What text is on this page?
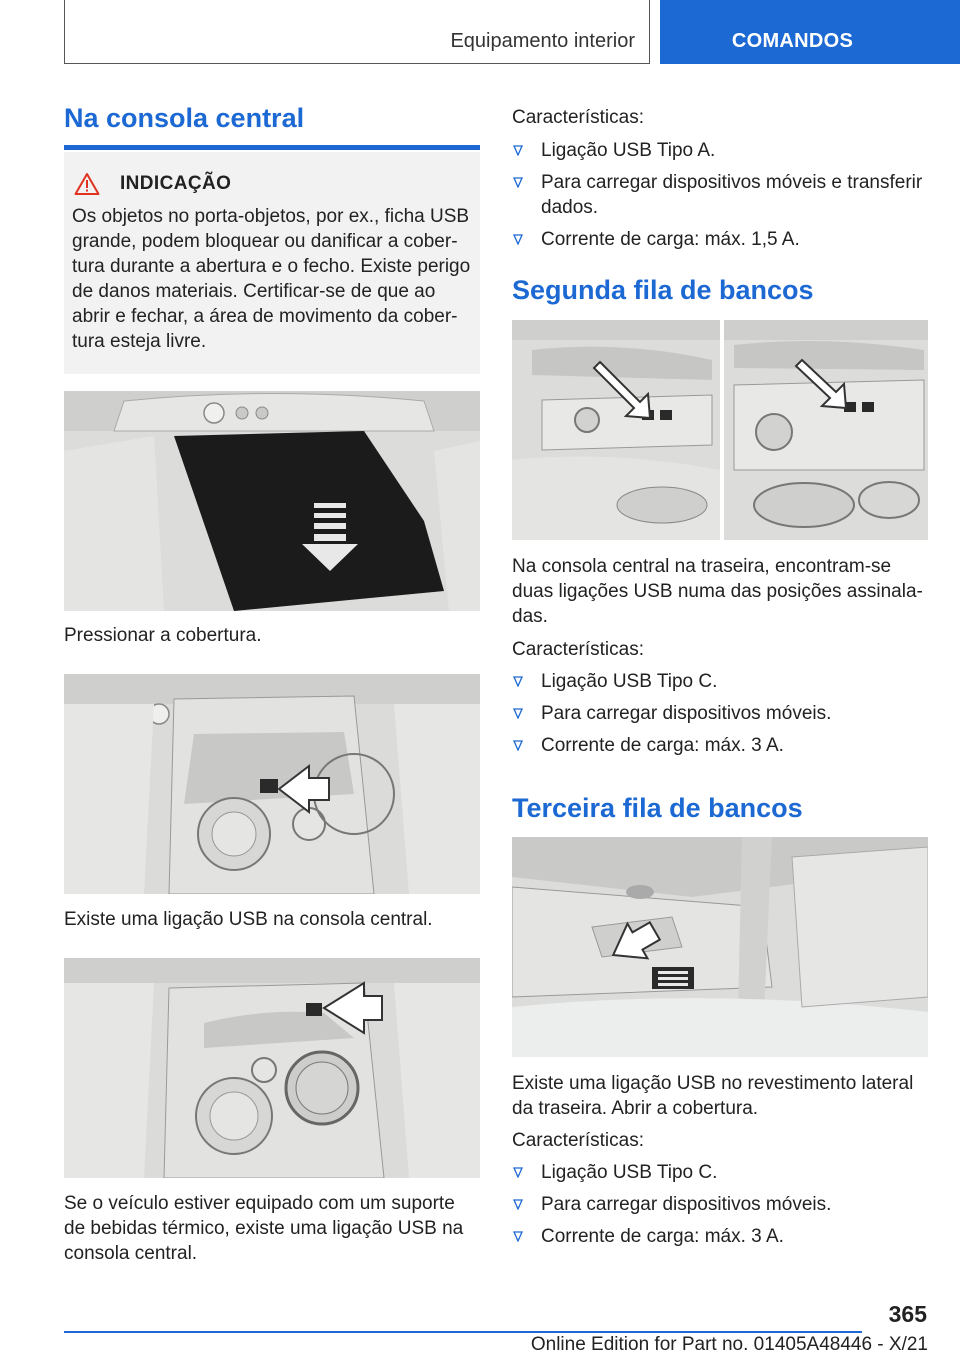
Equipamento interior	COMANDOS
Na consola central
INDICAÇÃO
Os objetos no porta-objetos, por ex., ficha USB grande, podem bloquear ou danificar a cober-tura durante a abertura e o fecho. Existe perigo de danos materiais. Certificar-se de que ao abrir e fechar, a área de movimento da cober-tura esteja livre.
Pressionar a cobertura.
Existe uma ligação USB na consola central.
Se o veículo estiver equipado com um suporte de bebidas térmico, existe uma ligação USB na consola central.
Características:
Ligação USB Tipo A.
Para carregar dispositivos móveis e transferir dados.
Corrente de carga: máx. 1,5 A.
Segunda fila de bancos
Na consola central na traseira, encontram-se duas ligações USB numa das posições assinala-das.
Características:
Ligação USB Tipo C.
Para carregar dispositivos móveis.
Corrente de carga: máx. 3 A.
Terceira fila de bancos
Existe uma ligação USB no revestimento lateral da traseira. Abrir a cobertura.
Características:
Ligação USB Tipo C.
Para carregar dispositivos móveis.
Corrente de carga: máx. 3 A.
365
Online Edition for Part no. 01405A48446 - X/21
